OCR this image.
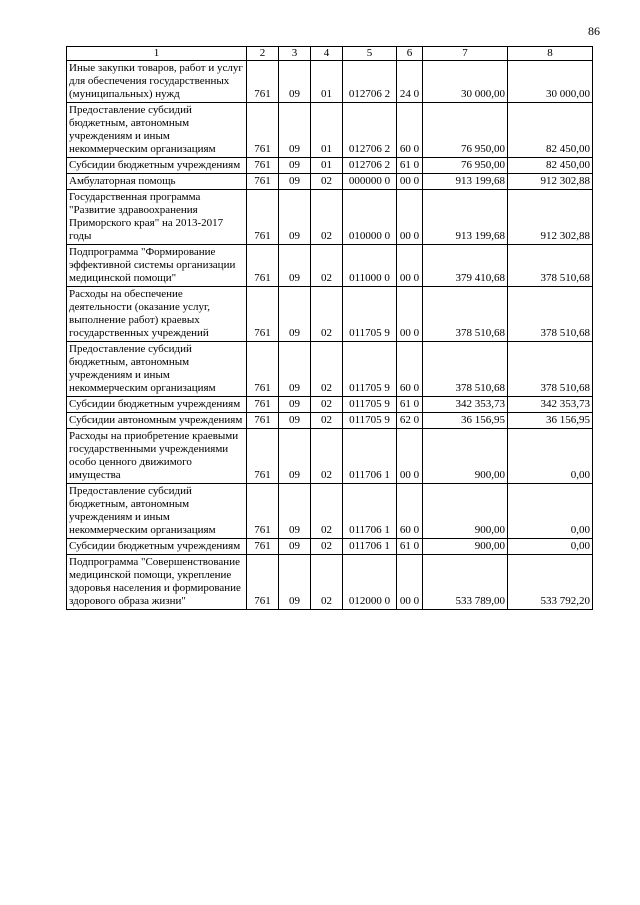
86
1	2	3	4	5	6	7	8
Иные закупки товаров, работ и услуг для обеспечения государственных (муниципальных) нужд	761	09	01	012706 2	24 0	30 000,00	30 000,00
Предоставление субсидий бюджетным, автономным учреждениям и иным некоммерческим организациям	761	09	01	012706 2	60 0	76 950,00	82 450,00
Субсидии бюджетным учреждениям	761	09	01	012706 2	61 0	76 950,00	82 450,00
Амбулаторная помощь	761	09	02	000000 0	00 0	913 199,68	912 302,88
Государственная программа "Развитие здравоохранения Приморского края" на 2013-2017 годы	761	09	02	010000 0	00 0	913 199,68	912 302,88
Подпрограмма "Формирование эффективной системы организации медицинской помощи"	761	09	02	011000 0	00 0	379 410,68	378 510,68
Расходы на обеспечение деятельности (оказание услуг, выполнение работ) краевых государственных учреждений	761	09	02	011705 9	00 0	378 510,68	378 510,68
Предоставление субсидий бюджетным, автономным учреждениям и иным некоммерческим организациям	761	09	02	011705 9	60 0	378 510,68	378 510,68
Субсидии бюджетным учреждениям	761	09	02	011705 9	61 0	342 353,73	342 353,73
Субсидии автономным учреждениям	761	09	02	011705 9	62 0	36 156,95	36 156,95
Расходы на приобретение краевыми государственными учреждениями особо ценного движимого имущества	761	09	02	011706 1	00 0	900,00	0,00
Предоставление субсидий бюджетным, автономным учреждениям и иным некоммерческим организациям	761	09	02	011706 1	60 0	900,00	0,00
Субсидии бюджетным учреждениям	761	09	02	011706 1	61 0	900,00	0,00
Подпрограмма "Совершенствование медицинской помощи, укрепление здоровья населения и формирование здорового образа жизни"	761	09	02	012000 0	00 0	533 789,00	533 792,20
